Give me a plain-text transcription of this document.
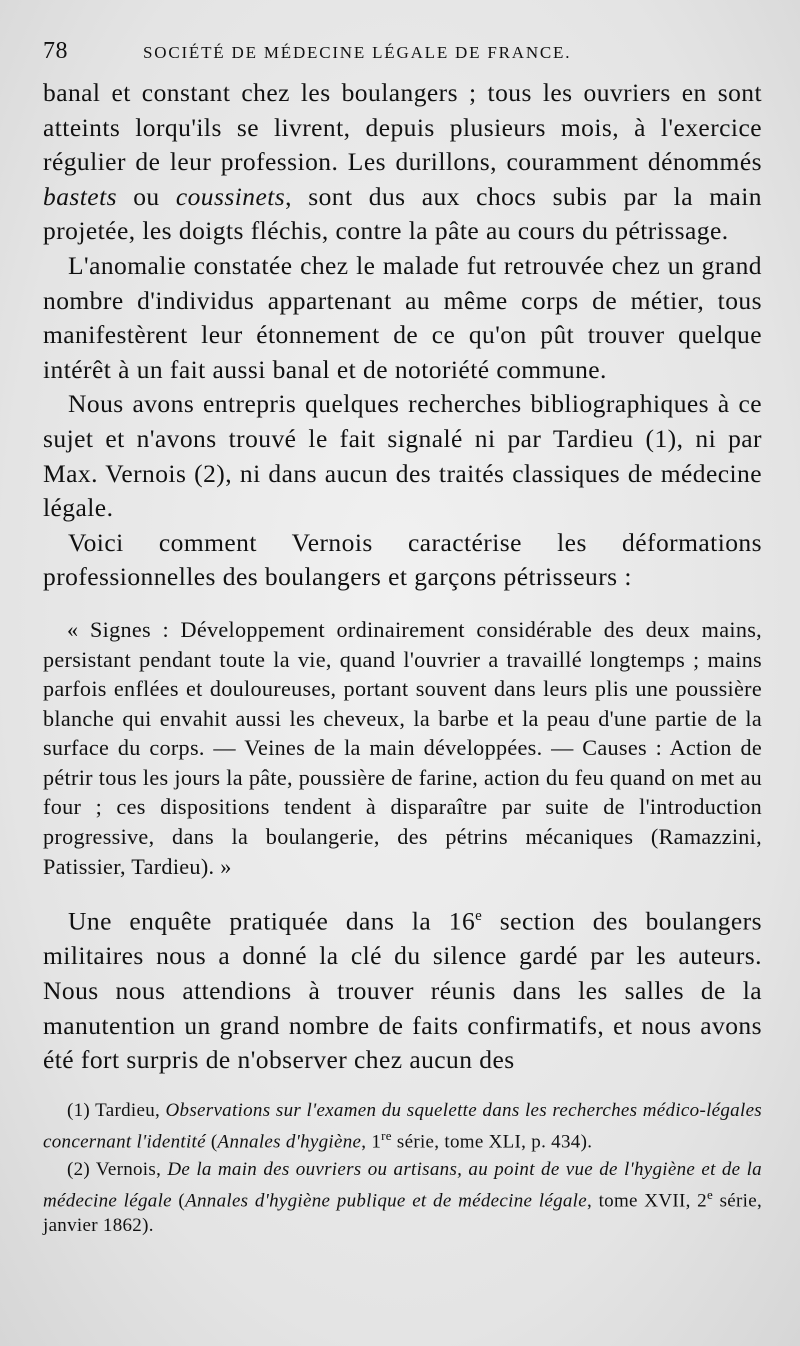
78	SOCIÉTÉ DE MÉDECINE LÉGALE DE FRANCE.

banal et constant chez les boulangers ; tous les ouvriers en sont atteints lorqu'ils se livrent, depuis plusieurs mois, à l'exercice régulier de leur profession. Les durillons, couramment dénommés bastets ou coussinets, sont dus aux chocs subis par la main projetée, les doigts fléchis, contre la pâte au cours du pétrissage.

L'anomalie constatée chez le malade fut retrouvée chez un grand nombre d'individus appartenant au même corps de métier, tous manifestèrent leur étonnement de ce qu'on pût trouver quelque intérêt à un fait aussi banal et de notoriété commune.

Nous avons entrepris quelques recherches bibliographiques à ce sujet et n'avons trouvé le fait signalé ni par Tardieu (1), ni par Max. Vernois (2), ni dans aucun des traités classiques de médecine légale.

Voici comment Vernois caractérise les déformations professionnelles des boulangers et garçons pétrisseurs :

« Signes : Développement ordinairement considérable des deux mains, persistant pendant toute la vie, quand l'ouvrier a travaillé longtemps ; mains parfois enflées et douloureuses, portant souvent dans leurs plis une poussière blanche qui envahit aussi les cheveux, la barbe et la peau d'une partie de la surface du corps. — Veines de la main développées. — Causes : Action de pétrir tous les jours la pâte, poussière de farine, action du feu quand on met au four ; ces dispositions tendent à disparaître par suite de l'introduction progressive, dans la boulangerie, des pétrins mécaniques (Ramazzini, Patissier, Tardieu). »

Une enquête pratiquée dans la 16e section des boulangers militaires nous a donné la clé du silence gardé par les auteurs. Nous nous attendions à trouver réunis dans les salles de la manutention un grand nombre de faits confirmatifs, et nous avons été fort surpris de n'observer chez aucun des

(1) Tardieu, Observations sur l'examen du squelette dans les recherches médico-légales concernant l'identité (Annales d'hygiène, 1re série, tome XLI, p. 434).

(2) Vernois, De la main des ouvriers ou artisans, au point de vue de l'hygiène et de la médecine légale (Annales d'hygiène publique et de médecine légale, tome XVII, 2e série, janvier 1862).
